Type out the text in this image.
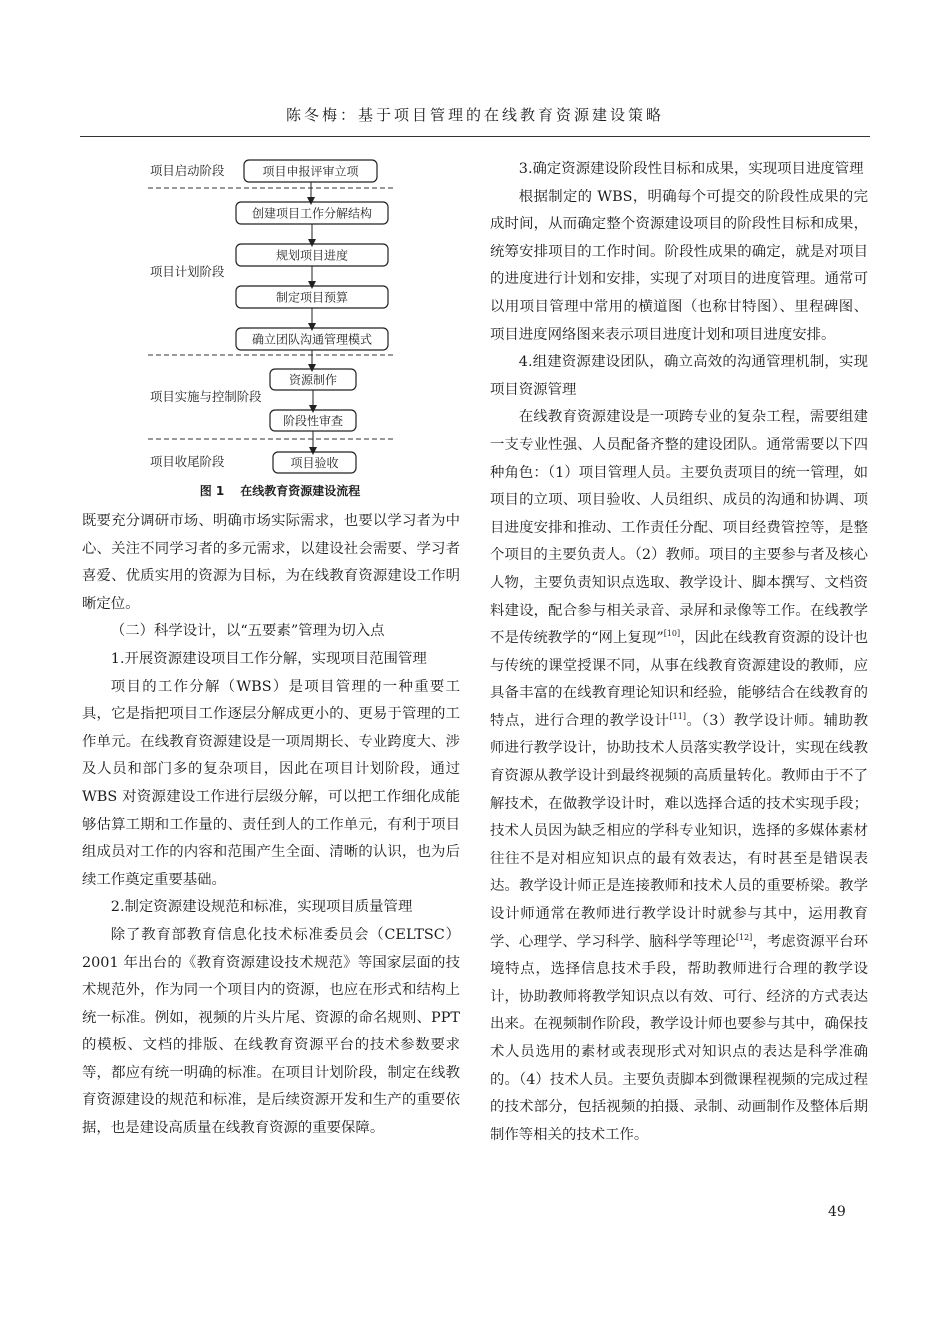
陈冬梅：基于项目管理的在线教育资源建设策略
项目启动阶段
项目计划阶段
项目实施与控制阶段
项目收尾阶段
项目申报评审立项
创建项目工作分解结构
规划项目进度
制定项目预算
确立团队沟通管理模式
资源制作
阶段性审查
项目验收
图 1 在线教育资源建设流程

既要充分调研市场、明确市场实际需求，也要以学习者为中心、关注不同学习者的多元需求，以建设社会需要、学习者喜爱、优质实用的资源为目标，为在线教育资源建设工作明晰定位。

（二）科学设计，以“五要素”管理为切入点

1.开展资源建设项目工作分解，实现项目范围管理

项目的工作分解（WBS）是项目管理的一种重要工具，它是指把项目工作逐层分解成更小的、更易于管理的工作单元。在线教育资源建设是一项周期长、专业跨度大、涉及人员和部门多的复杂项目，因此在项目计划阶段，通过 WBS 对资源建设工作进行层级分解，可以把工作细化成能够估算工期和工作量的、责任到人的工作单元，有利于项目组成员对工作的内容和范围产生全面、清晰的认识，也为后续工作奠定重要基础。

2.制定资源建设规范和标准，实现项目质量管理

除了教育部教育信息化技术标准委员会（CELTSC）2001 年出台的《教育资源建设技术规范》等国家层面的技术规范外，作为同一个项目内的资源，也应在形式和结构上统一标准。例如，视频的片头片尾、资源的命名规则、PPT 的模板、文档的排版、在线教育资源平台的技术参数要求等，都应有统一明确的标准。在项目计划阶段，制定在线教育资源建设的规范和标准，是后续资源开发和生产的重要依据，也是建设高质量在线教育资源的重要保障。

3.确定资源建设阶段性目标和成果，实现项目进度管理

根据制定的 WBS，明确每个可提交的阶段性成果的完成时间，从而确定整个资源建设项目的阶段性目标和成果，统筹安排项目的工作时间。阶段性成果的确定，就是对项目的进度进行计划和安排，实现了对项目的进度管理。通常可以用项目管理中常用的横道图（也称甘特图）、里程碑图、项目进度网络图来表示项目进度计划和项目进度安排。

4.组建资源建设团队，确立高效的沟通管理机制，实现项目资源管理

在线教育资源建设是一项跨专业的复杂工程，需要组建一支专业性强、人员配备齐整的建设团队。通常需要以下四种角色：（1）项目管理人员。主要负责项目的统一管理，如项目的立项、项目验收、人员组织、成员的沟通和协调、项目进度安排和推动、工作责任分配、项目经费管控等，是整个项目的主要负责人。（2）教师。项目的主要参与者及核心人物，主要负责知识点选取、教学设计、脚本撰写、文档资料建设，配合参与相关录音、录屏和录像等工作。在线教学不是传统教学的“网上复现”[10]，因此在线教育资源的设计也与传统的课堂授课不同，从事在线教育资源建设的教师，应具备丰富的在线教育理论知识和经验，能够结合在线教育的特点，进行合理的教学设计[11]。（3）教学设计师。辅助教师进行教学设计，协助技术人员落实教学设计，实现在线教育资源从教学设计到最终视频的高质量转化。教师由于不了解技术，在做教学设计时，难以选择合适的技术实现手段；技术人员因为缺乏相应的学科专业知识，选择的多媒体素材往往不是对相应知识点的最有效表达，有时甚至是错误表达。教学设计师正是连接教师和技术人员的重要桥梁。教学设计师通常在教师进行教学设计时就参与其中，运用教育学、心理学、学习科学、脑科学等理论[12]，考虑资源平台环境特点，选择信息技术手段，帮助教师进行合理的教学设计，协助教师将教学知识点以有效、可行、经济的方式表达出来。在视频制作阶段，教学设计师也要参与其中，确保技术人员选用的素材或表现形式对知识点的表达是科学准确的。（4）技术人员。主要负责脚本到微课程视频的完成过程的技术部分，包括视频的拍摄、录制、动画制作及整体后期制作等相关的技术工作。

49
